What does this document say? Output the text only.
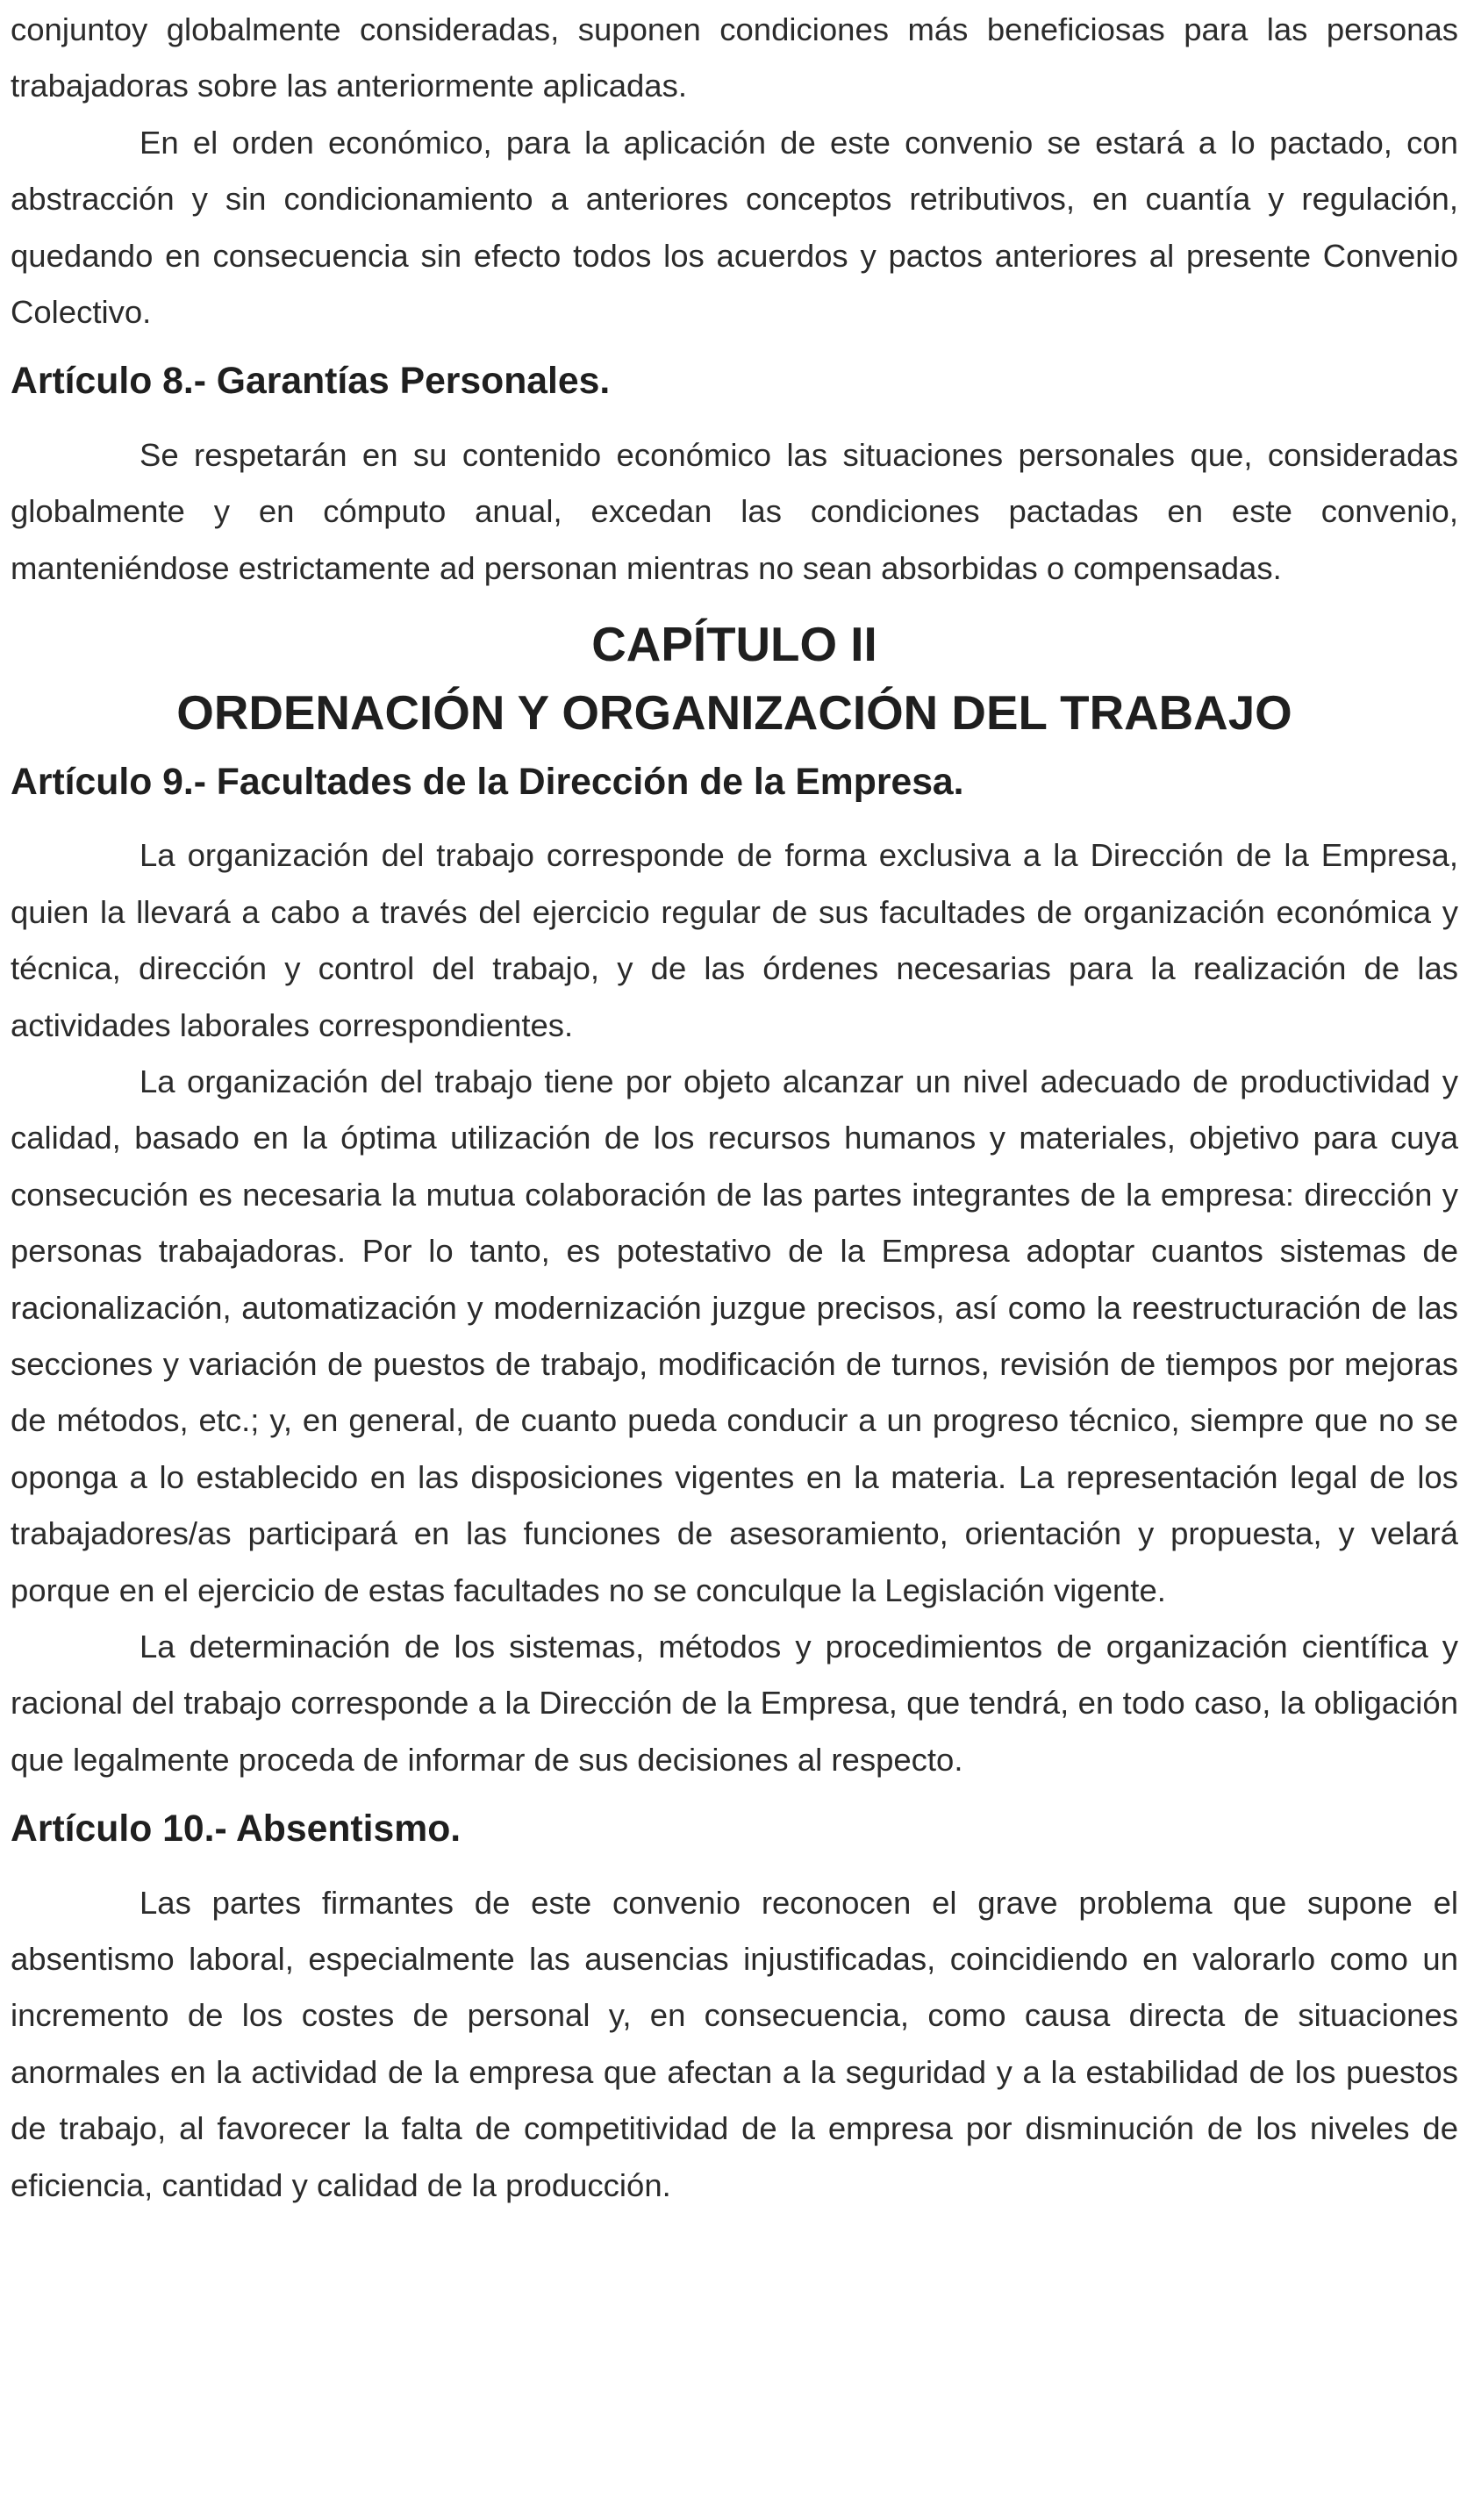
conjuntoy globalmente consideradas, suponen condiciones más beneficiosas para las personas trabajadoras sobre las anteriormente aplicadas.

En el orden económico, para la aplicación de este convenio se estará a lo pactado, con abstracción y sin condicionamiento a anteriores conceptos retributivos, en cuantía y regulación, quedando en consecuencia sin efecto todos los acuerdos y pactos anteriores al presente Convenio Colectivo.

Artículo 8.- Garantías Personales.

Se respetarán en su contenido económico las situaciones personales que, consideradas globalmente y en cómputo anual, excedan las condiciones pactadas en este convenio, manteniéndose estrictamente ad personan mientras no sean absorbidas o compensadas.

CAPÍTULO II
ORDENACIÓN Y ORGANIZACIÓN DEL TRABAJO
Artículo 9.- Facultades de la Dirección de la Empresa.

La organización del trabajo corresponde de forma exclusiva a la Dirección de la Empresa, quien la llevará a cabo a través del ejercicio regular de sus facultades de organización económica y técnica, dirección y control del trabajo, y de las órdenes necesarias para la realización de las actividades laborales correspondientes.

La organización del trabajo tiene por objeto alcanzar un nivel adecuado de productividad y calidad, basado en la óptima utilización de los recursos humanos y materiales, objetivo para cuya consecución es necesaria la mutua colaboración de las partes integrantes de la empresa: dirección y personas trabajadoras. Por lo tanto, es potestativo de la Empresa adoptar cuantos sistemas de racionalización, automatización y modernización juzgue precisos, así como la reestructuración de las secciones y variación de puestos de trabajo, modificación de turnos, revisión de tiempos por mejoras de métodos, etc.; y, en general, de cuanto pueda conducir a un progreso técnico, siempre que no se oponga a lo establecido en las disposiciones vigentes en la materia. La representación legal de los trabajadores/as participará en las funciones de asesoramiento, orientación y propuesta, y velará porque en el ejercicio de estas facultades no se conculque la Legislación vigente.

La determinación de los sistemas, métodos y procedimientos de organización científica y racional del trabajo corresponde a la Dirección de la Empresa, que tendrá, en todo caso, la obligación que legalmente proceda de informar de sus decisiones al respecto.

Artículo 10.- Absentismo.

Las partes firmantes de este convenio reconocen el grave problema que supone el absentismo laboral, especialmente las ausencias injustificadas, coincidiendo en valorarlo como un incremento de los costes de personal y, en consecuencia, como causa directa de situaciones anormales en la actividad de la empresa que afectan a la seguridad y a la estabilidad de los puestos de trabajo, al favorecer la falta de competitividad de la empresa por disminución de los niveles de eficiencia, cantidad y calidad de la producción.
